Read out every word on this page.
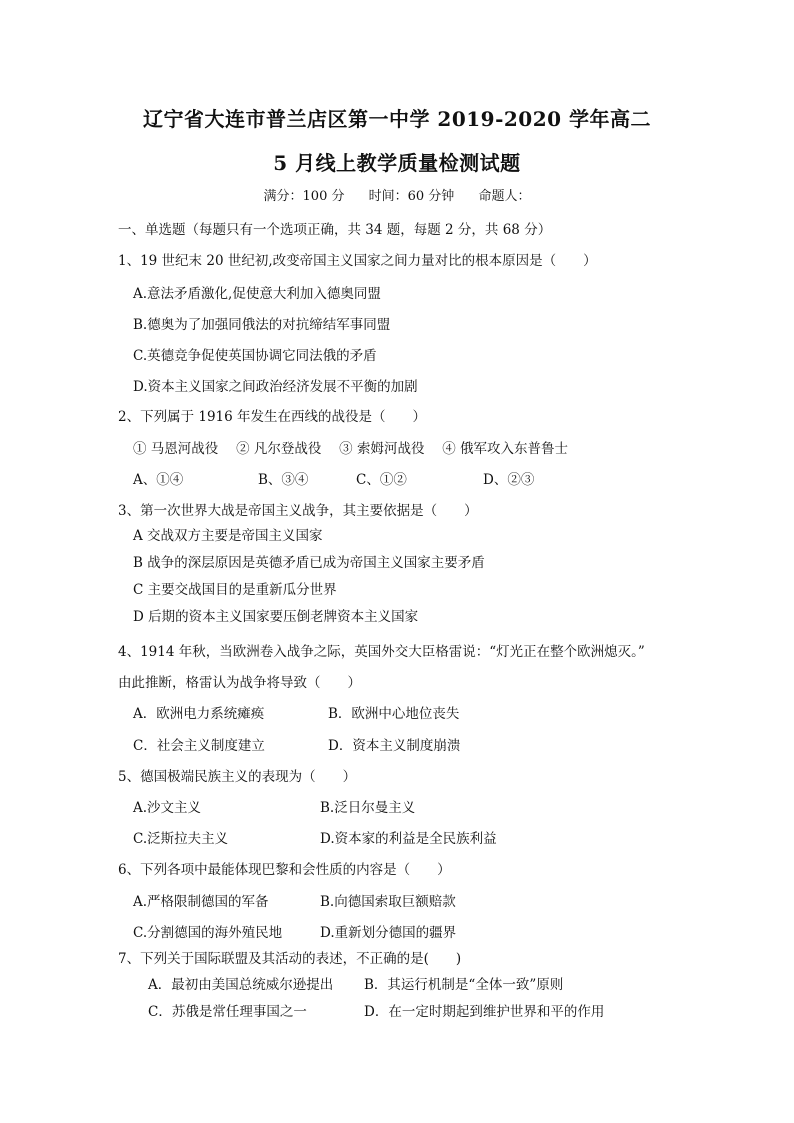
辽宁省大连市普兰店区第一中学 2019-2020 学年高二
5 月线上教学质量检测试题
满分：100 分 时间：60 分钟 命题人：
一、单选题（每题只有一个选项正确，共 34 题，每题 2 分，共 68 分）
1、19 世纪末 20 世纪初,改变帝国主义国家之间力量对比的根本原因是（　　）
A.意法矛盾激化,促使意大利加入德奥同盟
B.德奥为了加强同俄法的对抗缔结军事同盟
C.英德竞争促使英国协调它同法俄的矛盾
D.资本主义国家之间政治经济发展不平衡的加剧
2、下列属于 1916 年发生在西线的战役是（　　）
① 马恩河战役　 ② 凡尔登战役　 ③ 索姆河战役　 ④ 俄军攻入东普鲁士
A、①④	B、③④	C、①②	D、②③
3、第一次世界大战是帝国主义战争，其主要依据是（　　）
A 交战双方主要是帝国主义国家
B 战争的深层原因是英德矛盾已成为帝国主义国家主要矛盾
C 主要交战国目的是重新瓜分世界
D 后期的资本主义国家要压倒老牌资本主义国家
4、1914 年秋，当欧洲卷入战争之际，英国外交大臣格雷说：“灯光正在整个欧洲熄灭。”
由此推断，格雷认为战争将导致（　　）
A．欧洲电力系统瘫痪	B．欧洲中心地位丧失
C．社会主义制度建立	D．资本主义制度崩溃
5、德国极端民族主义的表现为（　　）
A.沙文主义	B.泛日尔曼主义
C.泛斯拉夫主义	D.资本家的利益是全民族利益
6、下列各项中最能体现巴黎和会性质的内容是（　　）
A.严格限制德国的军备	B.向德国索取巨额赔款
C.分割德国的海外殖民地	D.重新划分德国的疆界
7、下列关于国际联盟及其活动的表述，不正确的是(　　)
A．最初由美国总统威尔逊提出 B．其运行机制是“全体一致”原则
C．苏俄是常任理事国之一	D．在一定时期起到维护世界和平的作用
